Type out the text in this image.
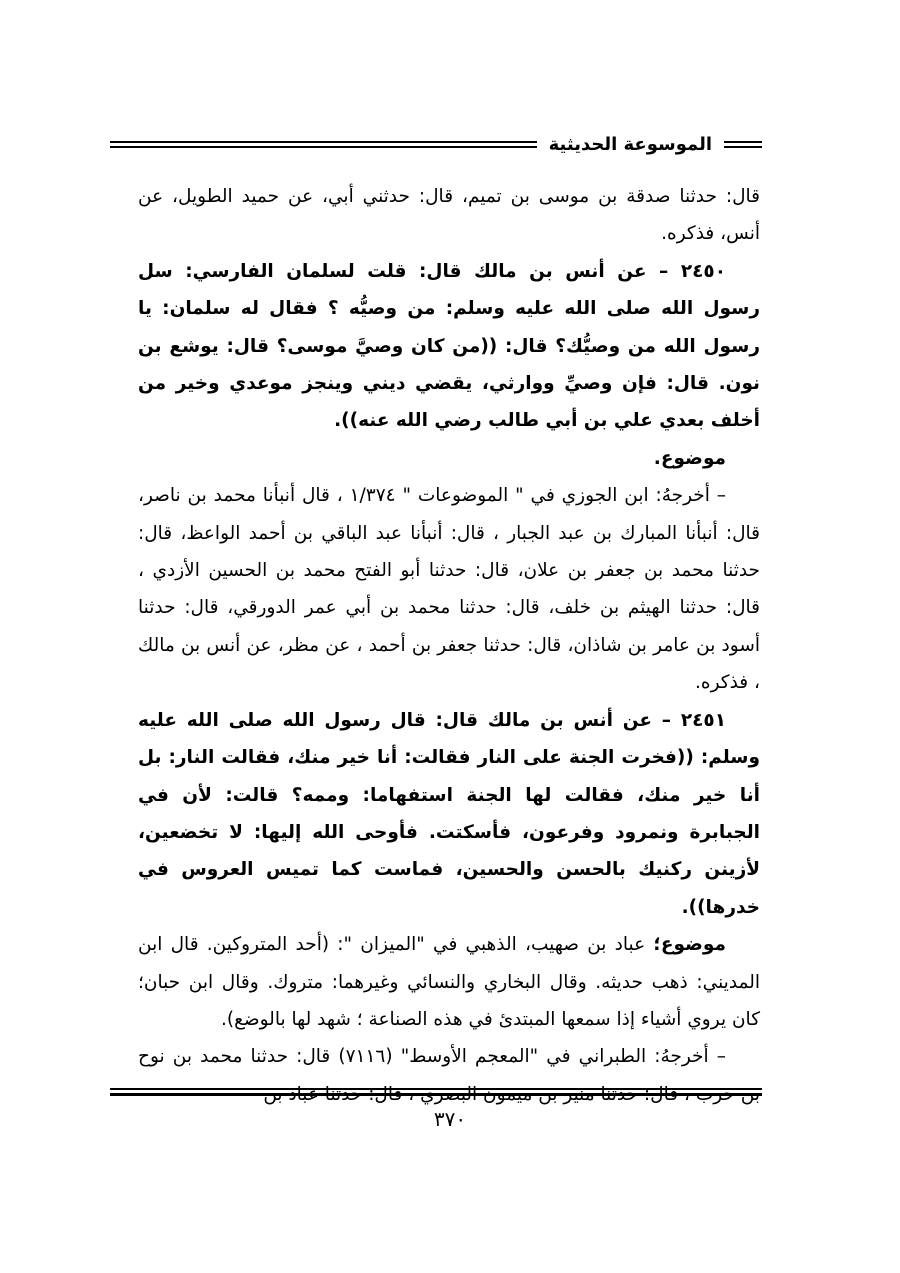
الموسوعة الحديثية

قال: حدثنا صدقة بن موسى بن تميم، قال: حدثني أبي، عن حميد الطويل، عن أنس، فذكره.

٢٤٥٠ – عن أنس بن مالك قال: قلت لسلمان الفارسي: سل رسول الله صلى الله عليه وسلم: من وصيُّه ؟ فقال له سلمان: يا رسول الله من وصيُّك؟ قال: ((من كان وصيَّ موسى؟ قال: يوشع بن نون. قال: فإن وصيِّ ووارثي، يقضي ديني وينجز موعدي وخير من أخلف بعدي علي بن أبي طالب رضي الله عنه)).

موضوع.

– أخرجهُ: ابن الجوزي في " الموضوعات " ١/٣٧٤ ، قال أنبأنا محمد بن ناصر، قال: أنبأنا المبارك بن عبد الجبار ، قال: أنبأنا عبد الباقي بن أحمد الواعظ، قال: حدثنا محمد بن جعفر بن علان، قال: حدثنا أبو الفتح محمد بن الحسين الأزدي ، قال: حدثنا الهيثم بن خلف، قال: حدثنا محمد بن أبي عمر الدورقي، قال: حدثنا أسود بن عامر بن شاذان، قال: حدثنا جعفر بن أحمد ، عن مظر، عن أنس بن مالك ، فذكره.

٢٤٥١ – عن أنس بن مالك قال: قال رسول الله صلى الله عليه وسلم: ((فخرت الجنة على النار فقالت: أنا خير منك، فقالت النار: بل أنا خير منك، فقالت لها الجنة استفهاما: وممه؟ قالت: لأن في الجبابرة ونمرود وفرعون، فأسكتت. فأوحى الله إليها: لا تخضعين، لأزينن ركنيك بالحسن والحسين، فماست كما تميس العروس في خدرها)).

موضوع؛ عباد بن صهيب، الذهبي في "الميزان ": (أحد المتروكين. قال ابن المديني: ذهب حديثه. وقال البخاري والنسائي وغيرهما: متروك. وقال ابن حبان؛ كان يروي أشياء إذا سمعها المبتدئ في هذه الصناعة ؛ شهد لها بالوضع).

– أخرجهُ: الطبراني في "المعجم الأوسط" (٧١١٦) قال: حدثنا محمد بن نوح بن حرب ، قال: حدثنا منير بن ميمون البصري ، قال: حدثنا عباد بن

٣٧٠
